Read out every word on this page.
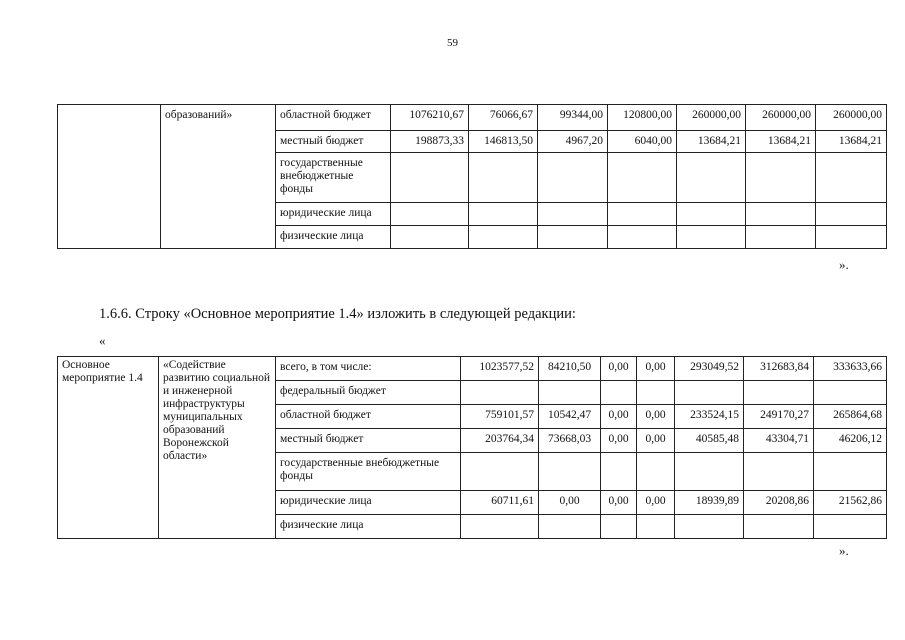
59
	образований»	областной бюджет	1076210,67	76066,67	99344,00	120800,00	260000,00	260000,00	260000,00
		местный бюджет	198873,33	146813,50	4967,20	6040,00	13684,21	13684,21	13684,21
		государственные внебюджетные фонды							
		юридические лица							
		физические лица							
».
1.6.6. Строку «Основное мероприятие 1.4» изложить в следующей редакции:
«
Основное мероприятие 1.4	«Содействие развитию социальной и инженерной инфраструктуры муниципальных образований Воронежской области»	всего, в том числе:	1023577,52	84210,50	0,00	0,00	293049,52	312683,84	333633,66
		федеральный бюджет							
		областной бюджет	759101,57	10542,47	0,00	0,00	233524,15	249170,27	265864,68
		местный бюджет	203764,34	73668,03	0,00	0,00	40585,48	43304,71	46206,12
		государственные внебюджетные фонды							
		юридические лица	60711,61	0,00	0,00	0,00	18939,89	20208,86	21562,86
		физические лица							
».
